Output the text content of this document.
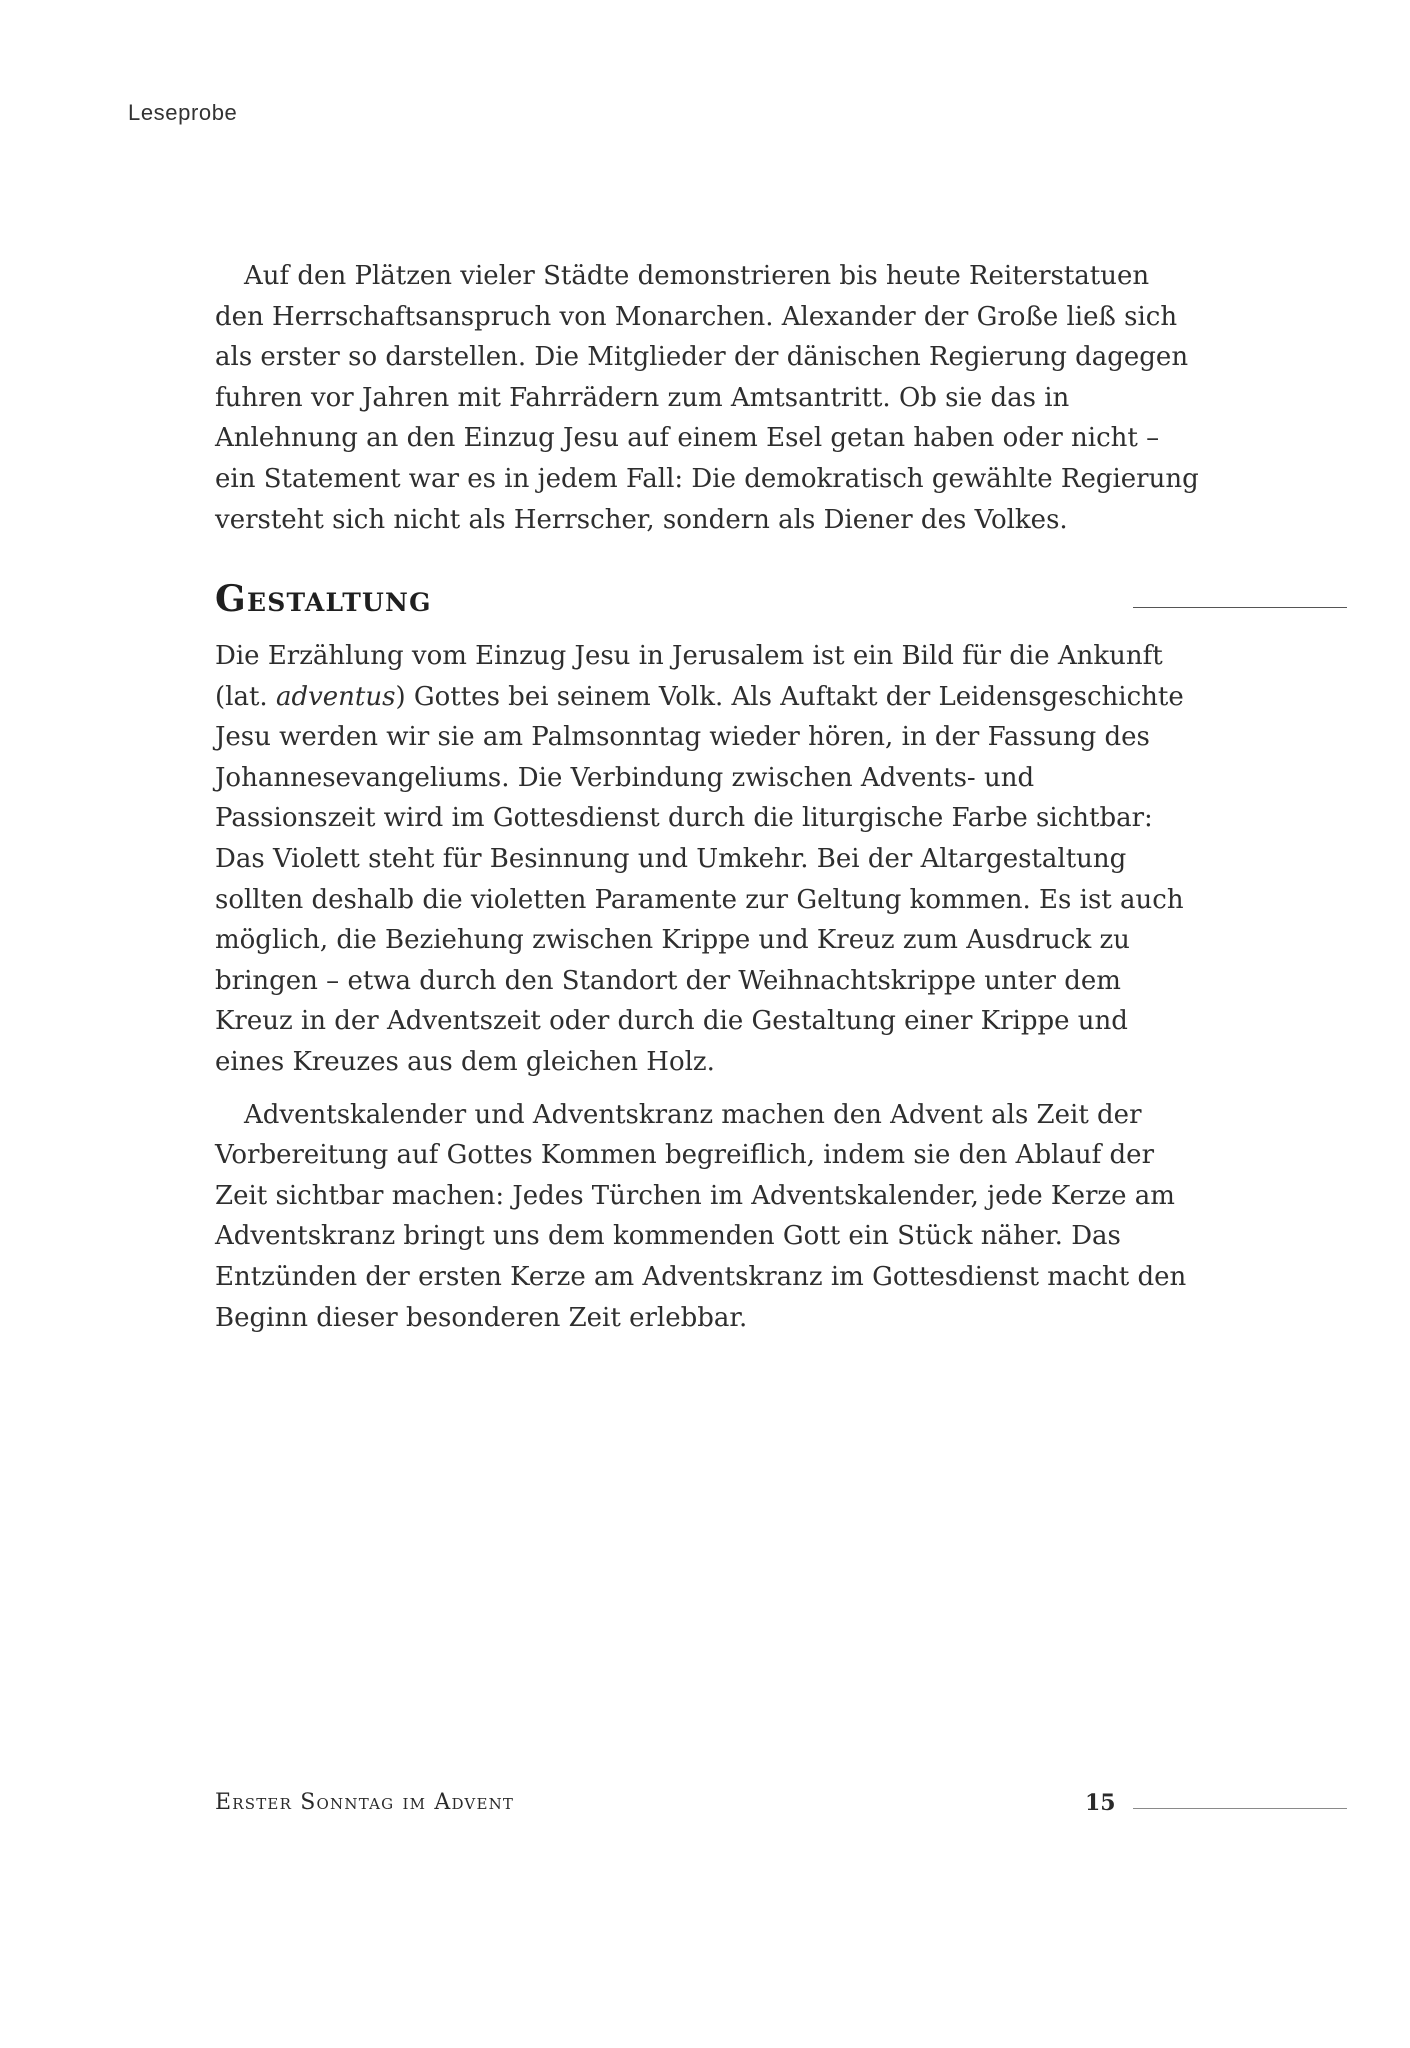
Leseprobe

Auf den Plätzen vieler Städte demonstrieren bis heute Reiterstatuen

den Herrschaftsanspruch von Monarchen. Alexander der Große ließ sich

als erster so darstellen. Die Mitglieder der dänischen Regierung dagegen

fuhren vor Jahren mit Fahrrädern zum Amtsantritt. Ob sie das in

Anlehnung an den Einzug Jesu auf einem Esel getan haben oder nicht –

ein Statement war es in jedem Fall: Die demokratisch gewählte Regierung

versteht sich nicht als Herrscher, sondern als Diener des Volkes.

Gestaltung

Die Erzählung vom Einzug Jesu in Jerusalem ist ein Bild für die Ankunft

(lat. adventus) Gottes bei seinem Volk. Als Auftakt der Leidensgeschichte

Jesu werden wir sie am Palmsonntag wieder hören, in der Fassung des

Johannesevangeliums. Die Verbindung zwischen Advents- und

Passionszeit wird im Gottesdienst durch die liturgische Farbe sichtbar:

Das Violett steht für Besinnung und Umkehr. Bei der Altargestaltung

sollten deshalb die violetten Paramente zur Geltung kommen. Es ist auch

möglich, die Beziehung zwischen Krippe und Kreuz zum Ausdruck zu

bringen – etwa durch den Standort der Weihnachtskrippe unter dem

Kreuz in der Adventszeit oder durch die Gestaltung einer Krippe und

eines Kreuzes aus dem gleichen Holz.

Adventskalender und Adventskranz machen den Advent als Zeit der

Vorbereitung auf Gottes Kommen begreiflich, indem sie den Ablauf der

Zeit sichtbar machen: Jedes Türchen im Adventskalender, jede Kerze am

Adventskranz bringt uns dem kommenden Gott ein Stück näher. Das

Entzünden der ersten Kerze am Adventskranz im Gottesdienst macht den

Beginn dieser besonderen Zeit erlebbar.

Erster Sonntag im Advent	15
